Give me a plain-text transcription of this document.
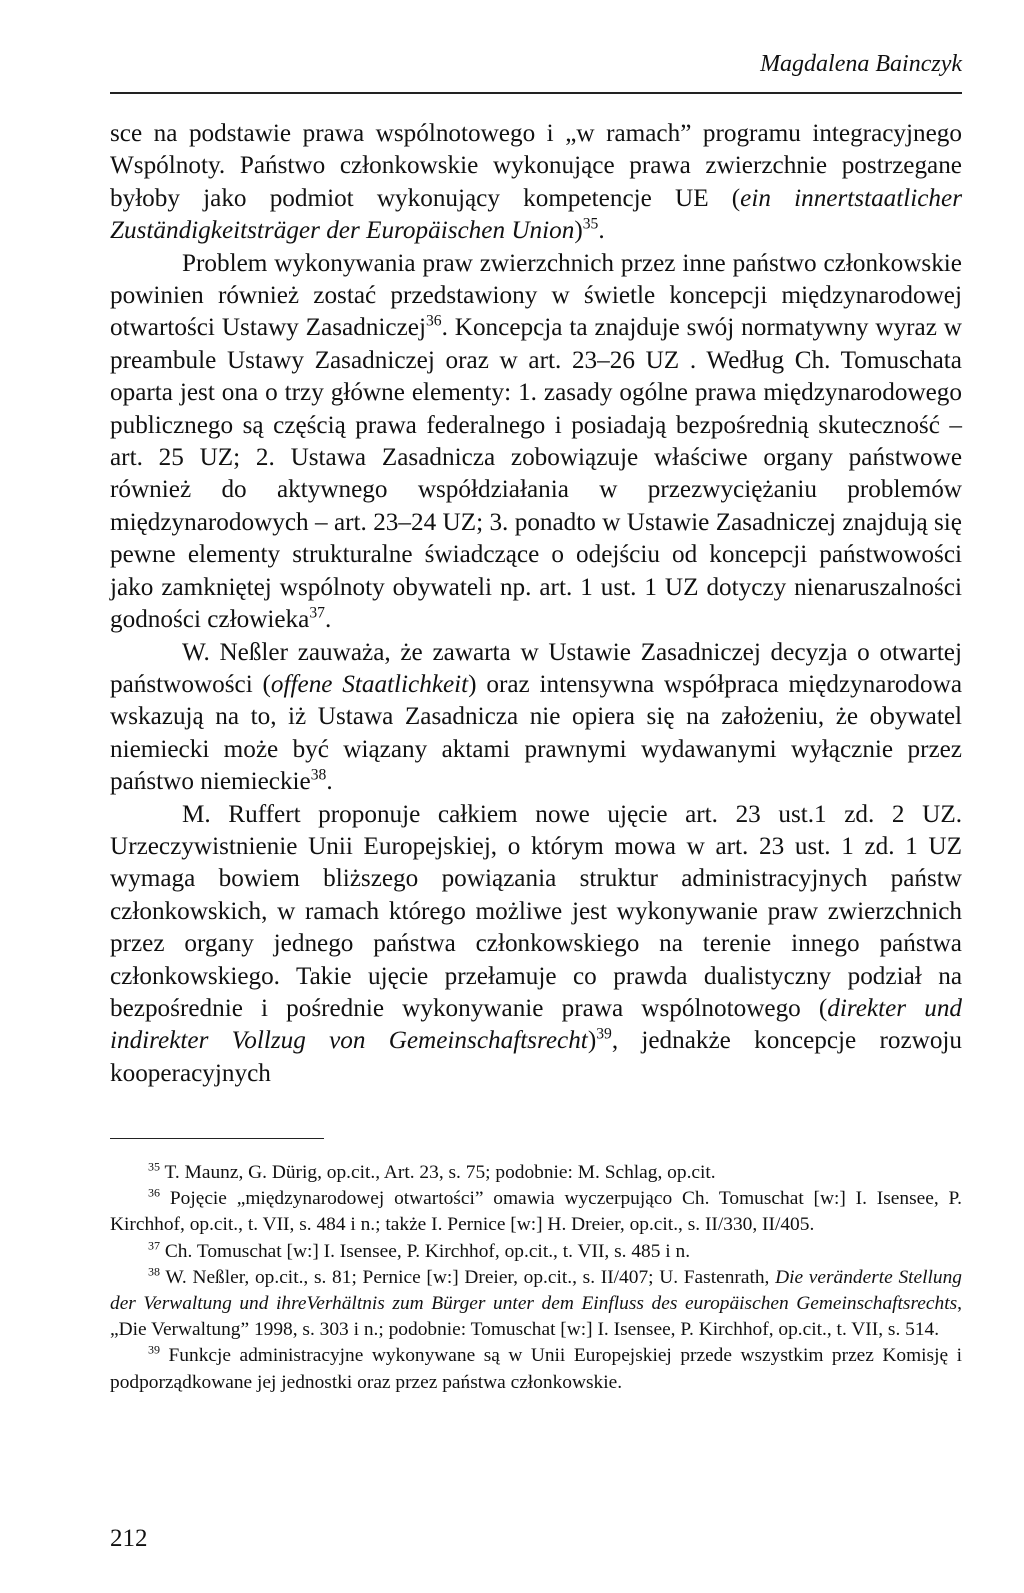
Magdalena Bainczyk

sce na podstawie prawa wspólnotowego i „w ramach” programu integracyjnego Wspólnoty. Państwo członkowskie wykonujące prawa zwierzchnie postrzegane byłoby jako podmiot wykonujący kompetencje UE (ein innertstaatlicher Zuständigkeitsträger der Europäischen Union)$^{35}$.

Problem wykonywania praw zwierzchnich przez inne państwo członkowskie powinien również zostać przedstawiony w świetle koncepcji międzynarodowej otwartości Ustawy Zasadniczej$^{36}$. Koncepcja ta znajduje swój normatywny wyraz w preambule Ustawy Zasadniczej oraz w art. 23–26 UZ . Według Ch. Tomuschata oparta jest ona o trzy główne elementy: 1. zasady ogólne prawa międzynarodowego publicznego są częścią prawa federalnego i posiadają bezpośrednią skuteczność – art. 25 UZ; 2. Ustawa Zasadnicza zobowiązuje właściwe organy państwowe również do aktywnego współdziałania w przezwyciężaniu problemów międzynarodowych – art. 23–24 UZ; 3. ponadto w Ustawie Zasadniczej znajdują się pewne elementy strukturalne świadczące o odejściu od koncepcji państwowości jako zamkniętej wspólnoty obywateli np. art. 1 ust. 1 UZ dotyczy nienaruszalności godności człowieka$^{37}$.

W. Neßler zauważa, że zawarta w Ustawie Zasadniczej decyzja o otwartej państwowości (offene Staatlichkeit) oraz intensywna współpraca międzynarodowa wskazują na to, iż Ustawa Zasadnicza nie opiera się na założeniu, że obywatel niemiecki może być wiązany aktami prawnymi wydawanymi wyłącznie przez państwo niemieckie$^{38}$.

M. Ruffert proponuje całkiem nowe ujęcie art. 23 ust.1 zd. 2 UZ. Urzeczywistnienie Unii Europejskiej, o którym mowa w art. 23 ust. 1 zd. 1 UZ wymaga bowiem bliższego powiązania struktur administracyjnych państw członkowskich, w ramach którego możliwe jest wykonywanie praw zwierzchnich przez organy jednego państwa członkowskiego na terenie innego państwa członkowskiego. Takie ujęcie przełamuje co prawda dualistyczny podział na bezpośrednie i pośrednie wykonywanie prawa wspólnotowego (direkter und indirekter Vollzug von Gemeinschaftsrecht)$^{39}$, jednakże koncepcje rozwoju kooperacyjnych

$^{35}$ T. Maunz, G. Dürig, op.cit., Art. 23, s. 75; podobnie: M. Schlag, op.cit.

$^{36}$ Pojęcie „międzynarodowej otwartości” omawia wyczerpująco Ch. Tomuschat [w:] I. Isensee, P. Kirchhof, op.cit., t. VII, s. 484 i n.; także I. Pernice [w:] H. Dreier, op.cit., s. II/330, II/405.

$^{37}$ Ch. Tomuschat [w:] I. Isensee, P. Kirchhof, op.cit., t. VII, s. 485 i n.

$^{38}$ W. Neßler, op.cit., s. 81; Pernice [w:] Dreier, op.cit., s. II/407; U. Fastenrath, Die veränderte Stellung der Verwaltung und ihreVerhältnis zum Bürger unter dem Einfluss des europäischen Gemeinschaftsrechts, „Die Verwaltung” 1998, s. 303 i n.; podobnie: Tomuschat [w:] I. Isensee, P. Kirchhof, op.cit., t. VII, s. 514.

$^{39}$ Funkcje administracyjne wykonywane są w Unii Europejskiej przede wszystkim przez Komisję i podporządkowane jej jednostki oraz przez państwa członkowskie.

212
